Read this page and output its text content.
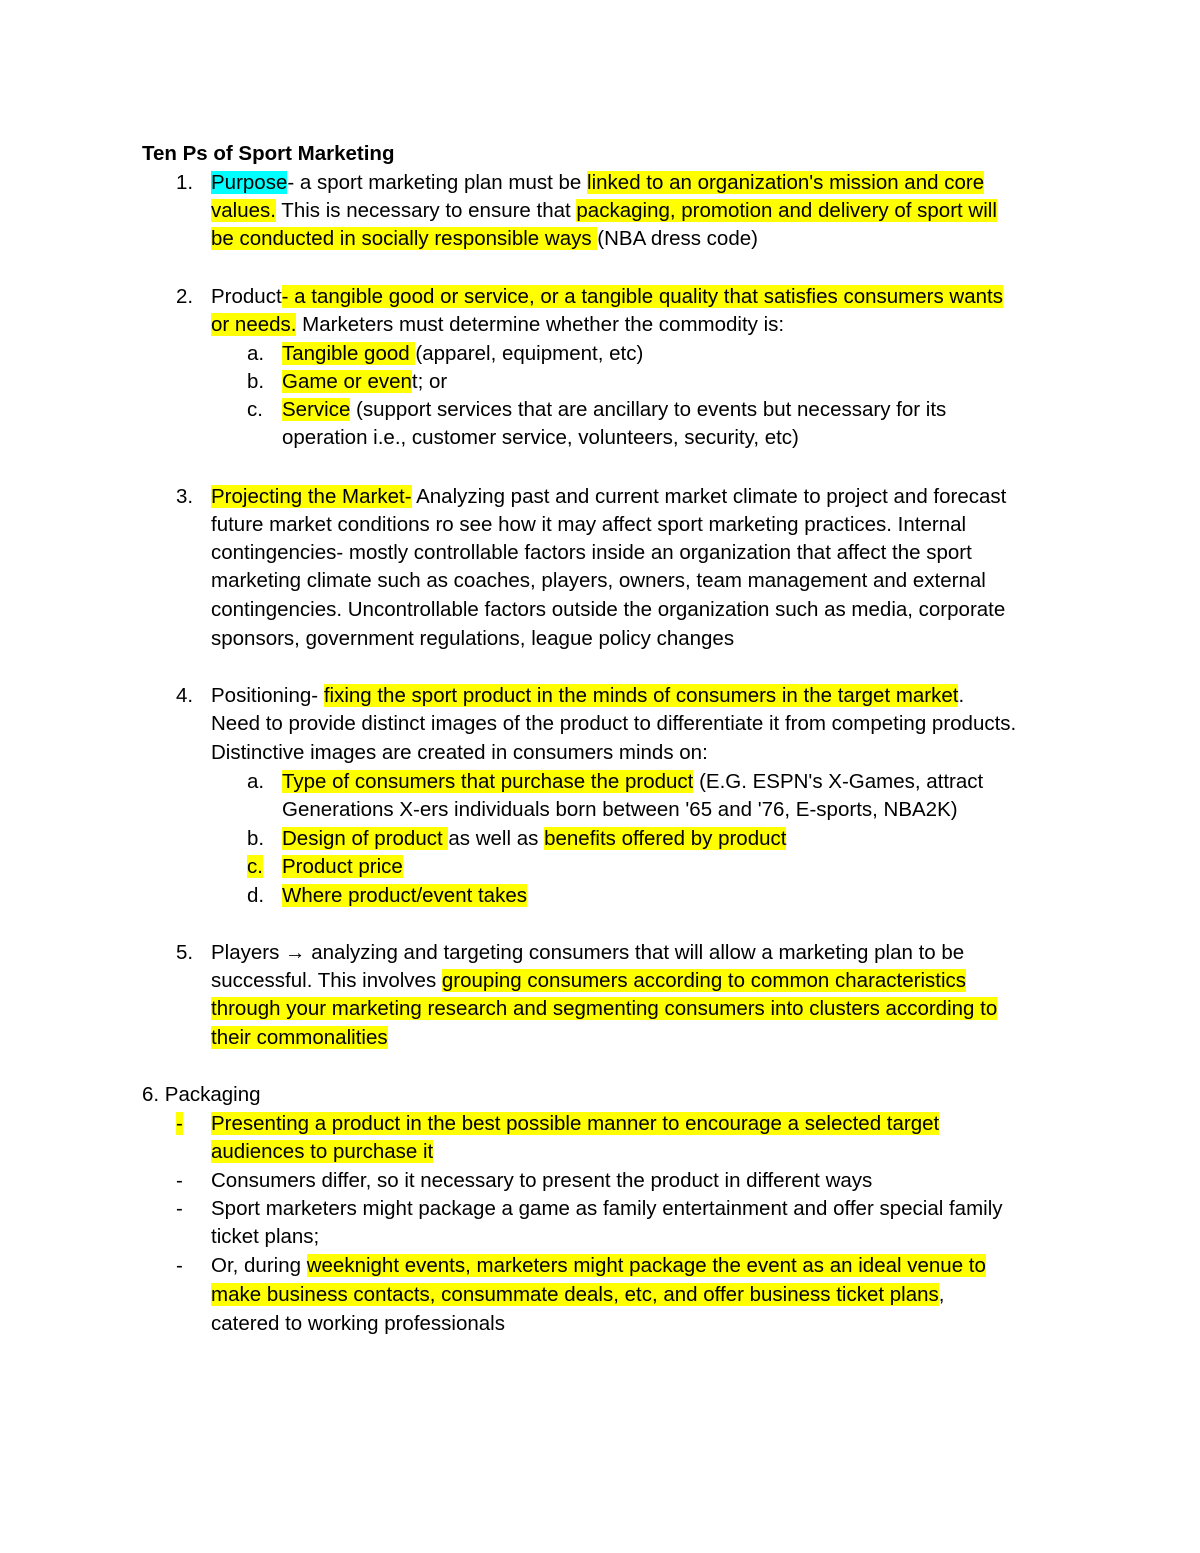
Ten Ps of Sport Marketing
1. Purpose- a sport marketing plan must be linked to an organization's mission and core
values. This is necessary to ensure that packaging, promotion and delivery of sport will
be conducted in socially responsible ways (NBA dress code)
2. Product- a tangible good or service, or a tangible quality that satisfies consumers wants
or needs. Marketers must determine whether the commodity is:
a. Tangible good (apparel, equipment, etc)
b. Game or event; or
c. Service (support services that are ancillary to events but necessary for its
operation i.e., customer service, volunteers, security, etc)
3. Projecting the Market- Analyzing past and current market climate to project and forecast
future market conditions ro see how it may affect sport marketing practices. Internal
contingencies- mostly controllable factors inside an organization that affect the sport
marketing climate such as coaches, players, owners, team management and external
contingencies. Uncontrollable factors outside the organization such as media, corporate
sponsors, government regulations, league policy changes
4. Positioning- fixing the sport product in the minds of consumers in the target market.
Need to provide distinct images of the product to differentiate it from competing products.
Distinctive images are created in consumers minds on:
a. Type of consumers that purchase the product (E.G. ESPN's X-Games, attract
Generations X-ers individuals born between '65 and '76, E-sports, NBA2K)
b. Design of product as well as benefits offered by product
c. Product price
d. Where product/event takes
5. Players → analyzing and targeting consumers that will allow a marketing plan to be
successful. This involves grouping consumers according to common characteristics
through your marketing research and segmenting consumers into clusters according to
their commonalities
6. Packaging
- Presenting a product in the best possible manner to encourage a selected target
audiences to purchase it
- Consumers differ, so it necessary to present the product in different ways
- Sport marketers might package a game as family entertainment and offer special family
ticket plans;
- Or, during weeknight events, marketers might package the event as an ideal venue to
make business contacts, consummate deals, etc, and offer business ticket plans,
catered to working professionals
